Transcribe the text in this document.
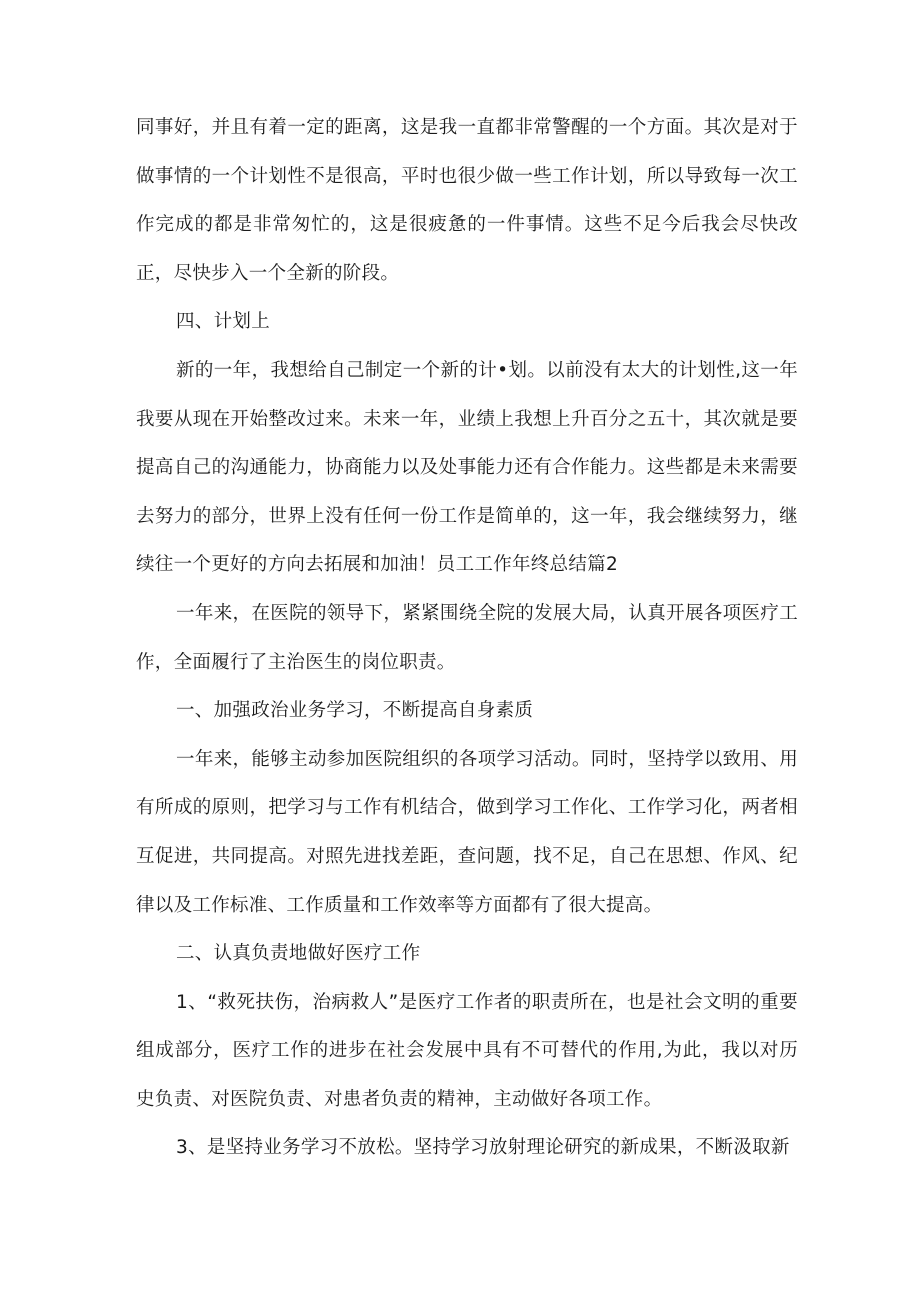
同事好，并且有着一定的距离，这是我一直都非常警醒的一个方面。其次是对于做事情的一个计划性不是很高，平时也很少做一些工作计划，所以导致每一次工作完成的都是非常匆忙的，这是很疲惫的一件事情。这些不足今后我会尽快改正，尽快步入一个全新的阶段。

四、计划上

新的一年，我想给自己制定一个新的计•划。以前没有太大的计划性,这一年我要从现在开始整改过来。未来一年，业绩上我想上升百分之五十，其次就是要提高自己的沟通能力，协商能力以及处事能力还有合作能力。这些都是未来需要去努力的部分，世界上没有任何一份工作是简单的，这一年，我会继续努力，继续往一个更好的方向去拓展和加油！员工工作年终总结篇2

一年来，在医院的领导下，紧紧围绕全院的发展大局，认真开展各项医疗工作，全面履行了主治医生的岗位职责。

一、加强政治业务学习，不断提高自身素质

一年来，能够主动参加医院组织的各项学习活动。同时，坚持学以致用、用有所成的原则，把学习与工作有机结合，做到学习工作化、工作学习化，两者相互促进，共同提高。对照先进找差距，查问题，找不足，自己在思想、作风、纪律以及工作标准、工作质量和工作效率等方面都有了很大提高。

二、认真负责地做好医疗工作

1、“救死扶伤，治病救人”是医疗工作者的职责所在，也是社会文明的重要组成部分，医疗工作的进步在社会发展中具有不可替代的作用,为此，我以对历史负责、对医院负责、对患者负责的精神，主动做好各项工作。

3、是坚持业务学习不放松。坚持学习放射理论研究的新成果，不断汲取新
